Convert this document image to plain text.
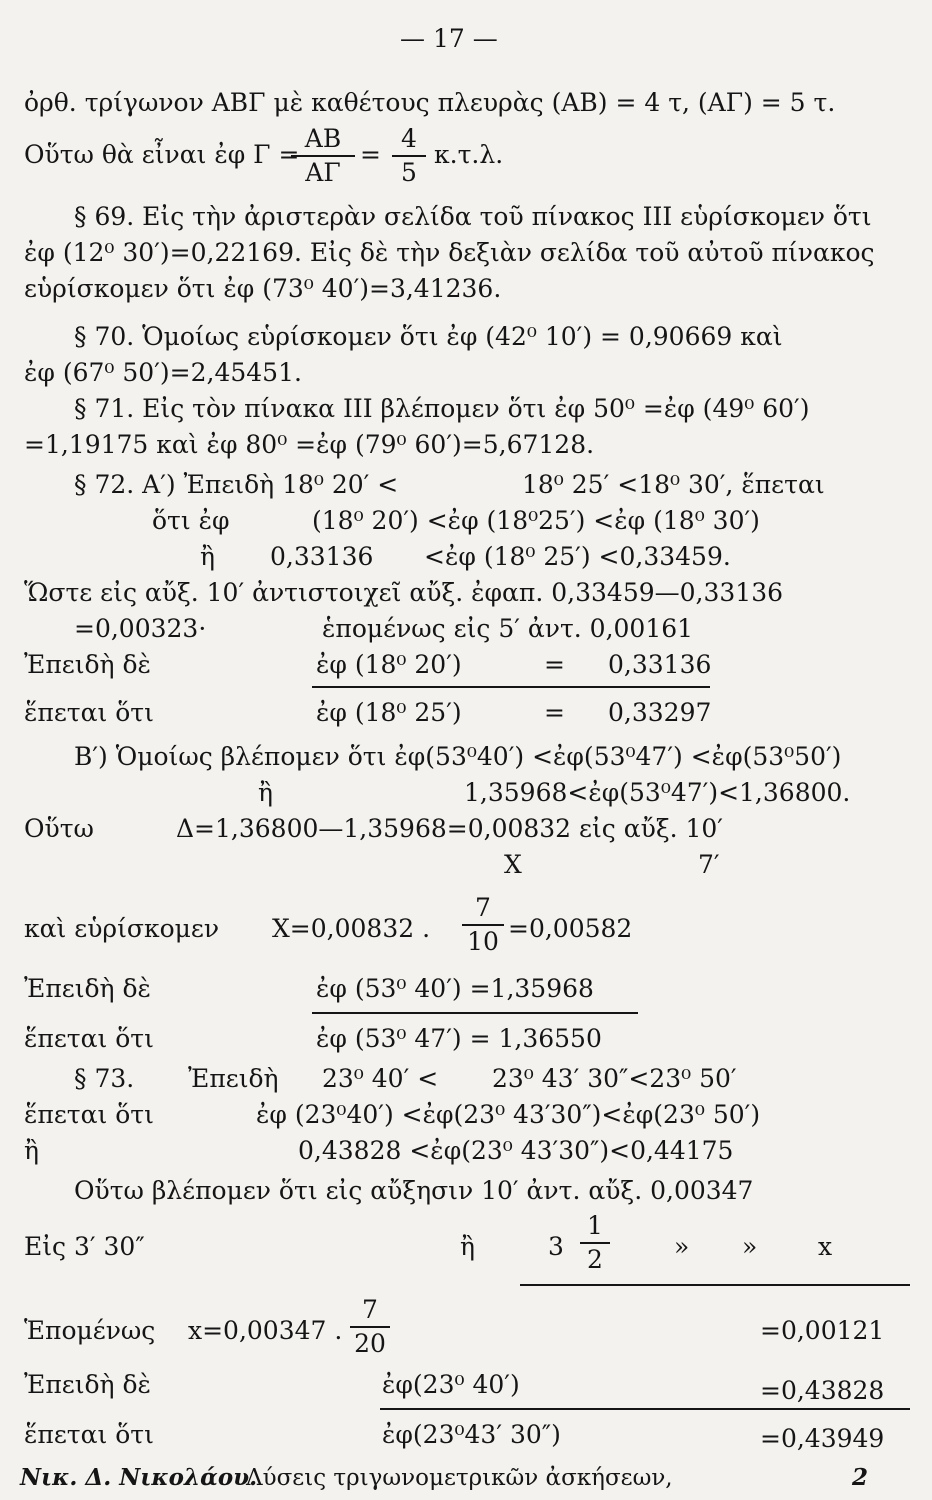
— 17 —
ὀρθ. τρίγωνον ΑΒΓ μὲ καθέτους πλευρὰς (ΑΒ) = 4 τ, (ΑΓ) = 5 τ.
Οὕτω θὰ εἶναι ἐφ Γ =
ΑΒ
ΑΓ
=
4
5
κ.τ.λ.
§ 69. Εἰς τὴν ἀριστερὰν σελίδα τοῦ πίνακος III εὑρίσκομεν ὅτι
ἐφ (12⁰ 30′)=0,22169. Εἰς δὲ τὴν δεξιὰν σελίδα τοῦ αὐτοῦ πίνακος
εὑρίσκομεν ὅτι ἐφ (73⁰ 40′)=3,41236.
§ 70. Ὁμοίως εὑρίσκομεν ὅτι ἐφ (42⁰ 10′) = 0,90669 καὶ
ἐφ (67⁰ 50′)=2,45451.
§ 71. Εἰς τὸν πίνακα III βλέπομεν ὅτι ἐφ 50⁰ =ἐφ (49⁰ 60′)
=1,19175 καὶ ἐφ 80⁰ =ἐφ (79⁰ 60′)=5,67128.
§ 72. Α′) Ἐπειδὴ 18⁰ 20′ <	18⁰ 25′ <18⁰ 30′, ἕπεται
ὅτι ἐφ	(18⁰ 20′) <ἐφ (18⁰25′) <ἐφ (18⁰ 30′)
ἢ 0,33136 <ἐφ (18⁰ 25′) <0,33459.
Ὥστε εἰς αὔξ. 10′ ἀντιστοιχεῖ αὔξ. ἐφαπ. 0,33459—0,33136
=0,00323·	ἑπομένως εἰς 5′ ἀντ. 0,00161
Ἐπειδὴ δὲ	ἐφ (18⁰ 20′)	= 0,33136
ἕπεται ὅτι	ἐφ (18⁰ 25′)	= 0,33297
Β′) Ὁμοίως βλέπομεν ὅτι ἐφ(53⁰40′) <ἐφ(53⁰47′) <ἐφ(53⁰50′)
ἢ	1,35968<ἐφ(53⁰47′)<1,36800.
Οὕτω	Δ=1,36800—1,35968=0,00832 εἰς αὔξ. 10′
Χ	7′
καὶ εὑρίσκομεν Χ=0,00832 .
7
10 =0,00582
Ἐπειδὴ δὲ	ἐφ (53⁰ 40′) =1,35968
ἕπεται ὅτι	ἐφ (53⁰ 47′) = 1,36550
§ 73. Ἐπειδὴ 23⁰ 40′ < 23⁰ 43′ 30″<23⁰ 50′
ἕπεται ὅτι	ἐφ (23⁰40′) <ἐφ(23⁰ 43′30″)<ἐφ(23⁰ 50′)
ἢ	0,43828 <ἐφ(23⁰ 43′30″)<0,44175
Οὕτω βλέπομεν ὅτι εἰς αὔξησιν 10′ ἀντ. αὔξ. 0,00347
Εἰς 3′ 30″	ἢ	3
1
2	» » x
Ἑπομένως x=0,00347 .
7
20	=0,00121
Ἐπειδὴ δὲ	ἐφ(23⁰ 40′)	=0,43828
ἕπεται ὅτι	ἐφ(23⁰43′ 30″)	=0,43949
Νικ. Δ. Νικολάου.
Λύσεις τριγωνομετρικῶν ἀσκήσεων,	2
